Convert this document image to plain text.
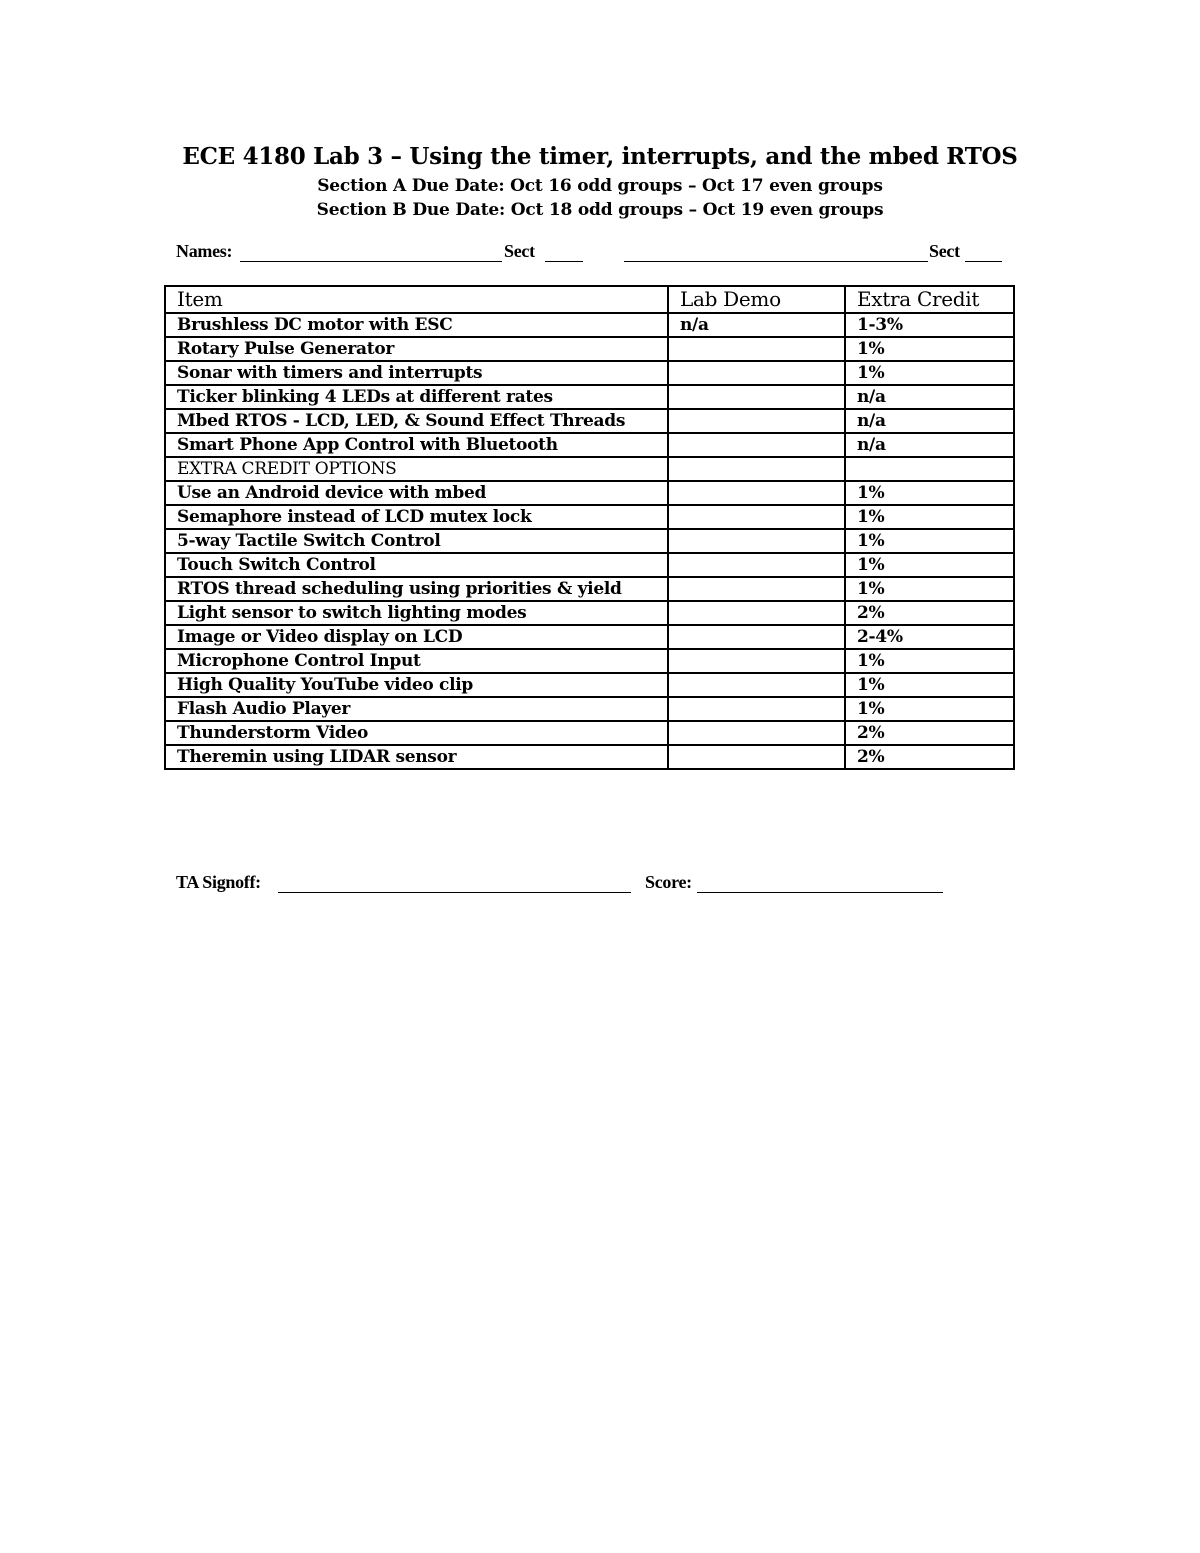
ECE 4180 Lab 3 – Using the timer, interrupts, and the mbed RTOS
Section A Due Date: Oct 16 odd groups – Oct 17 even groups
Section B Due Date: Oct 18 odd groups – Oct 19 even groups
Names:	Sect	Sect
Item	Lab Demo	Extra Credit
Brushless DC motor with ESC	n/a	1-3%
Rotary Pulse Generator		1%
Sonar with timers and interrupts		1%
Ticker blinking 4 LEDs at different rates		n/a
Mbed RTOS - LCD, LED, & Sound Effect Threads		n/a
Smart Phone App Control with Bluetooth		n/a
EXTRA CREDIT OPTIONS		
Use an Android device with mbed		1%
Semaphore instead of LCD mutex lock		1%
5-way Tactile Switch Control		1%
Touch Switch Control		1%
RTOS thread scheduling using priorities & yield		1%
Light sensor to switch lighting modes		2%
Image or Video display on LCD		2-4%
Microphone Control Input		1%
High Quality YouTube video clip		1%
Flash Audio Player		1%
Thunderstorm Video		2%
Theremin using LIDAR sensor		2%
TA Signoff:	Score:
